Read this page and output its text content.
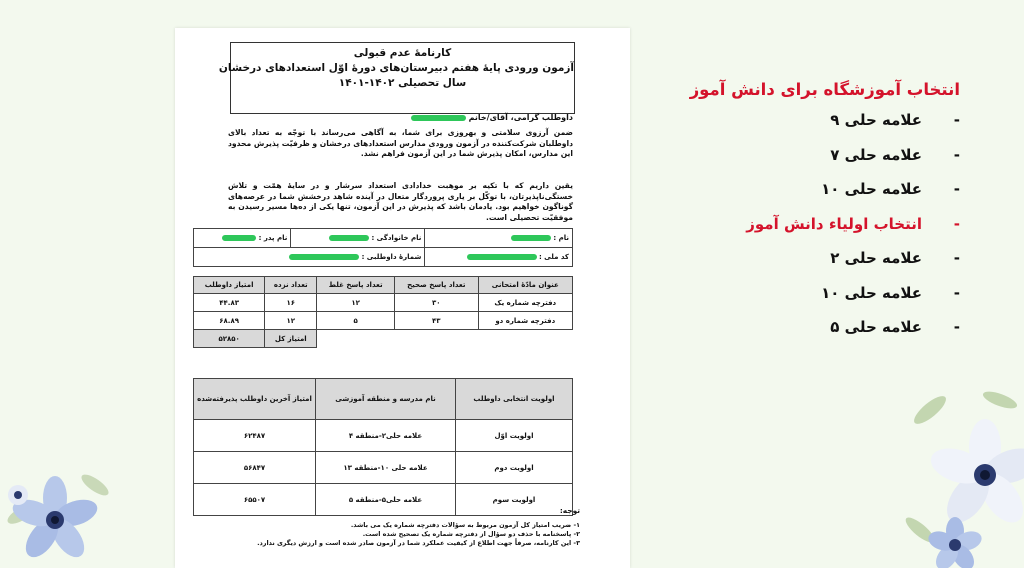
کارنامهٔ عدم قبولی
آزمون ورودی پایهٔ هفتم دبیرستان‌های دورهٔ اوّل استعدادهای درخشان
سال تحصیلی ۱۴۰۲-۱۴۰۱
داوطلب گرامی، آقای/خانم
ضمن آرزوی سلامتی و بهروزی برای شما، به آگاهی می‌رساند با توجّه به تعداد بالای داوطلبان شرکت‌کننده در آزمون ورودی مدارس استعدادهای درخشان و ظرفیّت پذیرش محدود این مدارس، امکان پذیرش شما در این آزمون فراهم نشد.
یقین داریم که با تکیه بر موهبت خدادادی استعداد سرشار و در سایهٔ همّت و تلاش خستگی‌ناپذیرتان، با توکّل بر یاری پروردگار متعال در آینده شاهد درخشش شما در عرصه‌های گوناگون خواهیم بود. یادمان باشد که پذیرش در این آزمون، تنها یکی از ده‌ها مسیر رسیدن به موفقیّت تحصیلی است.
نام :	نام خانوادگی :	نام پدر :
کد ملی :	شمارهٔ داوطلبی :	
عنوان مادّهٔ امتحانی	تعداد پاسخ صحیح	تعداد پاسخ غلط	تعداد نزده	امتیاز داوطلب
دفترچه شماره یک	۳۰	۱۲	۱۶	۴۴.۸۳
دفترچه شماره دو	۴۳	۵	۱۲	۶۸.۸۹
			امتیاز کل	۵۲۸۵۰
اولویت انتخابی داوطلب	نام مدرسه و منطقه آموزشی	امتیاز آخرین داوطلب پذیرفته‌شده
اولویت اوّل	علامه حلی۲-منطقه ۴	۶۲۴۸۷
اولویت دوم	علامه حلی ۱۰-منطقه ۱۳	۵۶۸۴۷
اولویت سوم	علامه حلی۵-منطقه ۵	۶۵۵۰۷
توجه:
۱- ضریب امتیاز کل آزمون مربوط به سؤالات دفترچه شماره یک می باشد.
۲- پاسخنامه با حذف دو سؤال از دفترچه شماره یک تصحیح شده است.
۳- این کارنامه، صرفاً جهت اطلاع از کیفیت عملکرد شما در آزمون صادر شده است و ارزش دیگری ندارد.
انتخاب آموزشگاه برای دانش آموز
-
علامه حلی ۹
-
علامه حلی ۷
-
علامه حلی ۱۰
-
انتخاب اولیاء دانش آموز
-
علامه حلی ۲
-
علامه حلی ۱۰
-
علامه حلی ۵
